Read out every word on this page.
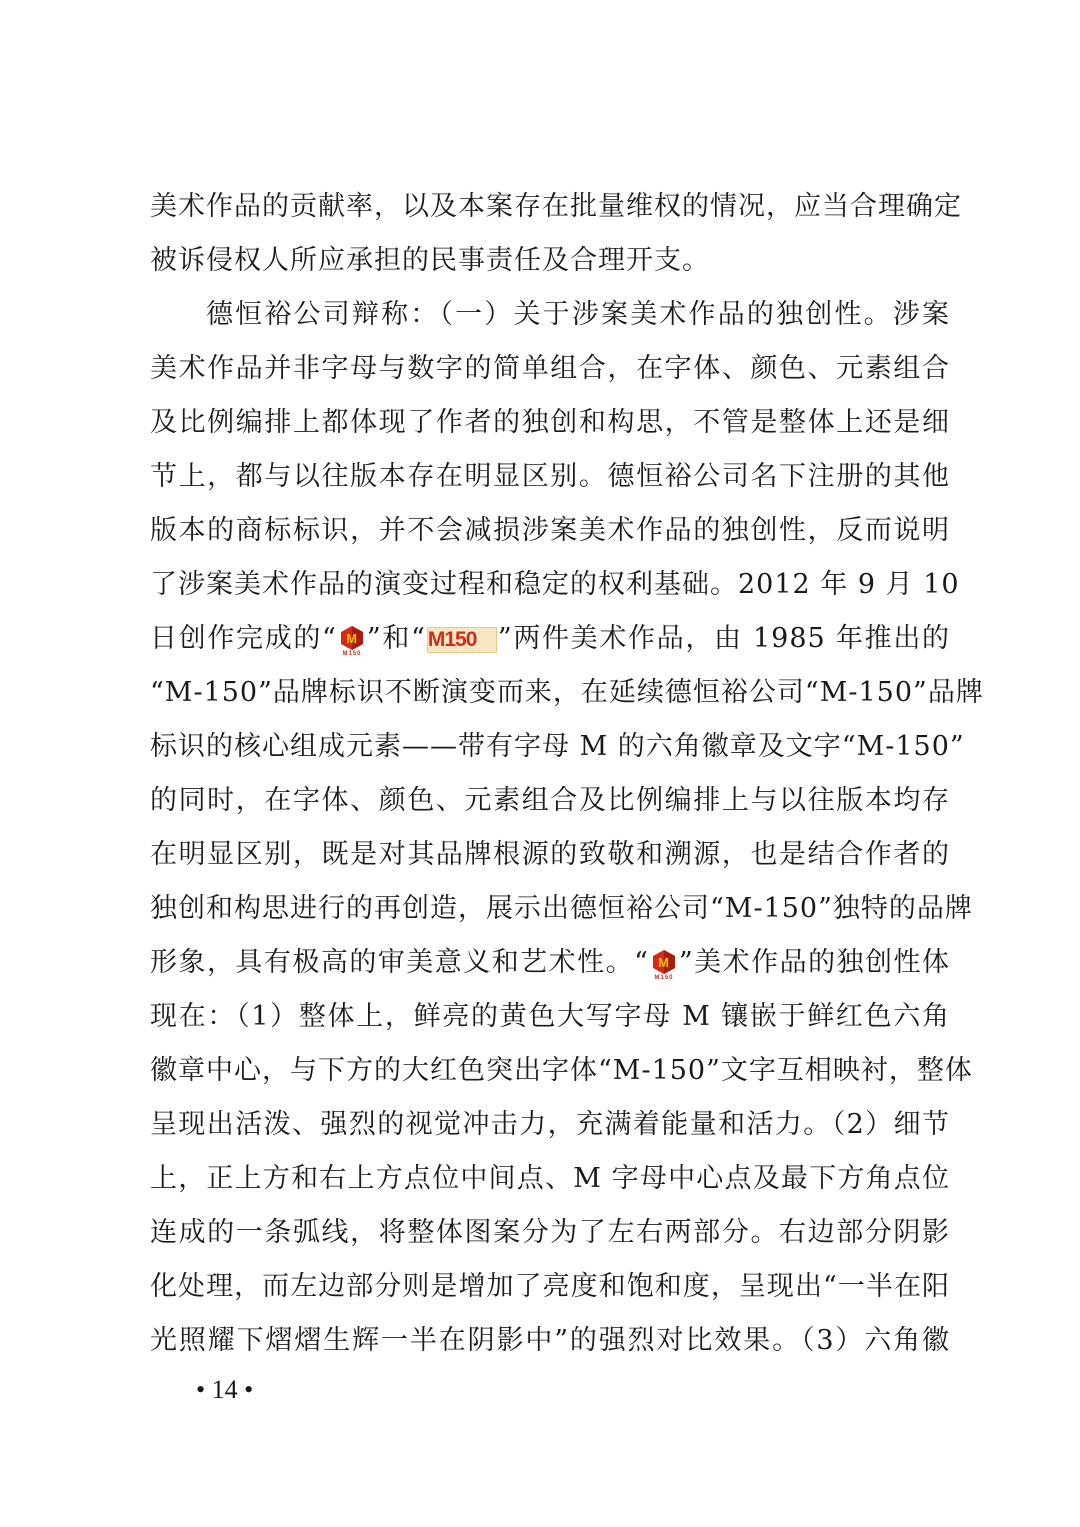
美术作品的贡献率，以及本案存在批量维权的情况，应当合理确定
被诉侵权人所应承担的民事责任及合理开支。
德恒裕公司辩称：（一）关于涉案美术作品的独创性。涉案
美术作品并非字母与数字的简单组合，在字体、颜色、元素组合
及比例编排上都体现了作者的独创和构思，不管是整体上还是细
节上，都与以往版本存在明显区别。德恒裕公司名下注册的其他
版本的商标标识，并不会减损涉案美术作品的独创性，反而说明
了涉案美术作品的演变过程和稳定的权利基础。2012 年 9 月 10
日创作完成的“ M
M150 ”和“ M150 ”两件美术作品，由 1985 年推出的
“M-150”品牌标识不断演变而来，在延续德恒裕公司“M-150”品牌
标识的核心组成元素——带有字母 M 的六角徽章及文字“M-150”
的同时，在字体、颜色、元素组合及比例编排上与以往版本均存
在明显区别，既是对其品牌根源的致敬和溯源，也是结合作者的
独创和构思进行的再创造，展示出德恒裕公司“M-150”独特的品牌
形象，具有极高的审美意义和艺术性。“ M
M150 ”美术作品的独创性体
现在：（1）整体上，鲜亮的黄色大写字母 M 镶嵌于鲜红色六角
徽章中心，与下方的大红色突出字体“M-150”文字互相映衬，整体
呈现出活泼、强烈的视觉冲击力，充满着能量和活力。（2）细节
上，正上方和右上方点位中间点、M 字母中心点及最下方角点位
连成的一条弧线，将整体图案分为了左右两部分。右边部分阴影
化处理，而左边部分则是增加了亮度和饱和度，呈现出“一半在阳
光照耀下熠熠生辉一半在阴影中”的强烈对比效果。（3）六角徽
• 14 •
